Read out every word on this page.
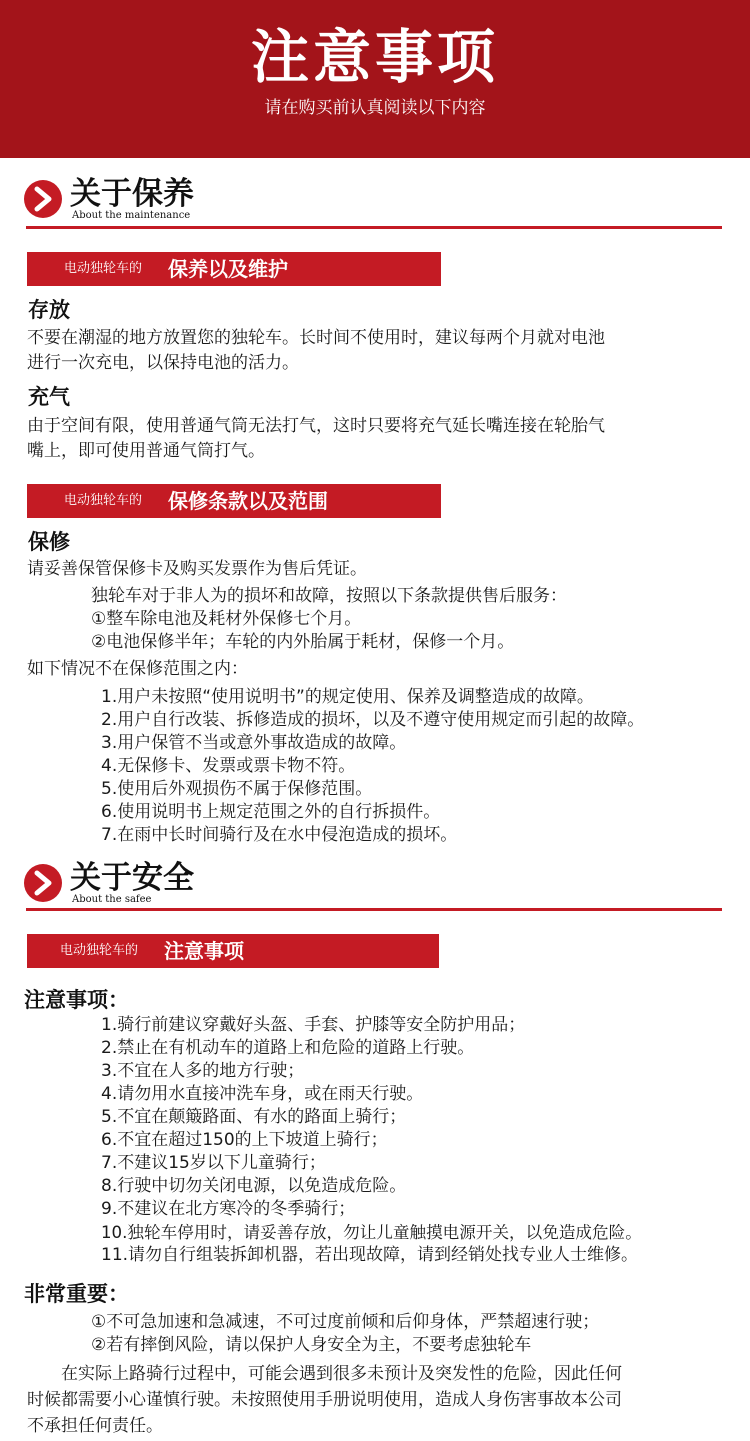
注意事项
请在购买前认真阅读以下内容
关于保养
About the maintenance
电动独轮车的 保养以及维护
存放
不要在潮湿的地方放置您的独轮车。长时间不使用时，建议每两个月就对电池
进行一次充电，以保持电池的活力。
充气
由于空间有限，使用普通气筒无法打气，这时只要将充气延长嘴连接在轮胎气
嘴上，即可使用普通气筒打气。
电动独轮车的 保修条款以及范围
保修
请妥善保管保修卡及购买发票作为售后凭证。
独轮车对于非人为的损坏和故障，按照以下条款提供售后服务：
①整车除电池及耗材外保修七个月。
②电池保修半年；车轮的内外胎属于耗材，保修一个月。
如下情况不在保修范围之内：
1.用户未按照“使用说明书”的规定使用、保养及调整造成的故障。
2.用户自行改装、拆修造成的损坏，以及不遵守使用规定而引起的故障。
3.用户保管不当或意外事故造成的故障。
4.无保修卡、发票或票卡物不符。
5.使用后外观损伤不属于保修范围。
6.使用说明书上规定范围之外的自行拆损件。
7.在雨中长时间骑行及在水中侵泡造成的损坏。
关于安全
About the safee
电动独轮车的 注意事项
注意事项：
1.骑行前建议穿戴好头盔、手套、护膝等安全防护用品；
2.禁止在有机动车的道路上和危险的道路上行驶。
3.不宜在人多的地方行驶；
4.请勿用水直接冲洗车身，或在雨天行驶。
5.不宜在颠簸路面、有水的路面上骑行；
6.不宜在超过150的上下坡道上骑行；
7.不建议15岁以下儿童骑行；
8.行驶中切勿关闭电源，以免造成危险。
9.不建议在北方寒冷的冬季骑行；
10.独轮车停用时，请妥善存放，勿让儿童触摸电源开关，以免造成危险。
11.请勿自行组装拆卸机器，若出现故障，请到经销处找专业人士维修。
非常重要：
①不可急加速和急减速，不可过度前倾和后仰身体，严禁超速行驶；
②若有摔倒风险，请以保护人身安全为主，不要考虑独轮车
　　在实际上路骑行过程中，可能会遇到很多未预计及突发性的危险，因此任何
时候都需要小心谨慎行驶。未按照使用手册说明使用，造成人身伤害事故本公司
不承担任何责任。
